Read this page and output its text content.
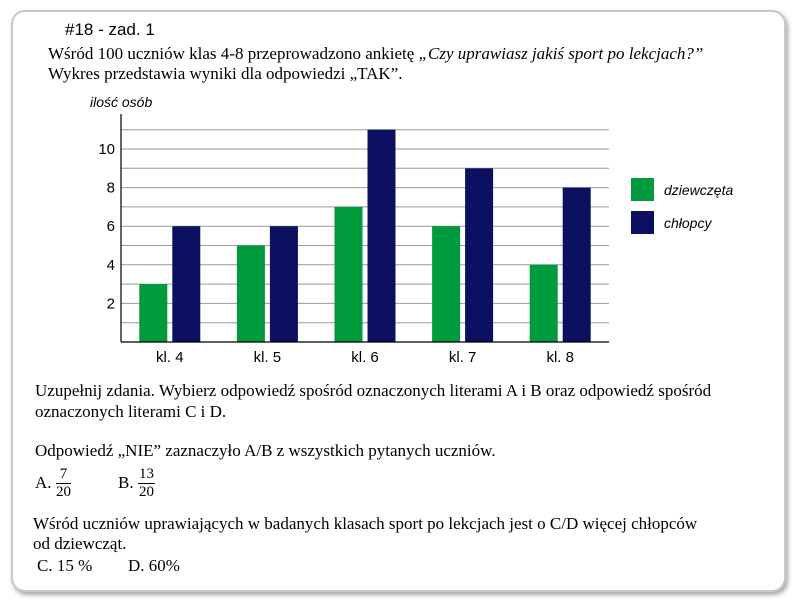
#18 - zad. 1
Wśród 100 uczniów klas 4-8 przeprowadzono ankietę „Czy uprawiasz jakiś sport po lekcjach?”
Wykres przedstawia wyniki dla odpowiedzi „TAK”.
2
4
6
8
10
kl. 4	kl. 5	kl. 6	kl. 7	kl. 8
ilość osób
dziewczęta
chłopcy
Uzupełnij zdania. Wybierz odpowiedź spośród oznaczonych literami A i B oraz odpowiedź spośród
oznaczonych literami C i D.
Odpowiedź „NIE” zaznaczyło A/B z wszystkich pytanych uczniów.
A. 7
20	B. 13
20
Wśród uczniów uprawiających w badanych klasach sport po lekcjach jest o C/D więcej chłopców
od dziewcząt.
C. 15 % D. 60%
